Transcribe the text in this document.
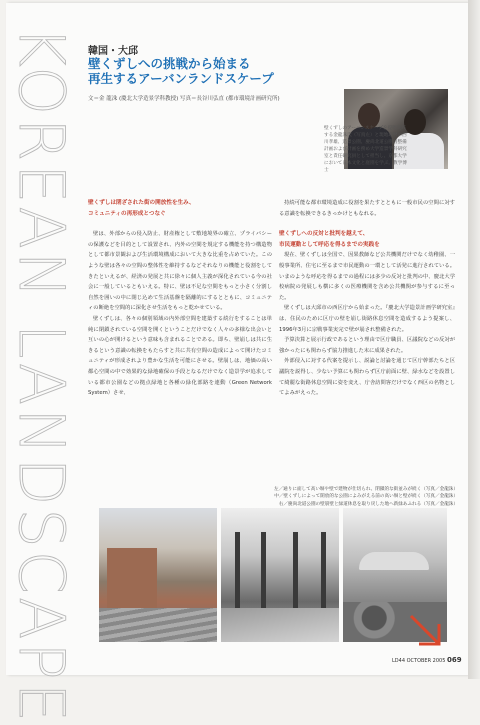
KOREAN LANDSCAPE 韓国・大邱
壁くずしへの挑戦から始まる
再生するアーバンランドスケープ
文＝金 龍洙 (慶北大学造景学科教授) 写真＝長谷川弘直 (都市環境計画研究所)
壁くずしのアーバンスケープを提唱実践する金龍洙氏（写真左）と現地取材の西川孝雄、造景公園、慶尚北道公園再整備計画および計画を務め大学造景学科研究室と責任研究員として担当し、京都大学において日本文化と庭園を学ぶ。教学博士
壁くずしは閉ざされた街の開放性を生み、
コミュニティの再形成とつなぐ
壁は、外部からの侵入防止、財産権として敷地境界の確立、プライバシーの保護などを目的として設置され、内外の空間を規定する機能を持つ構造物として都市景観および生活環境構成において大きな比重を占めていた。このような壁は各々の空間の整体性を維持するなどそれなりの機能と役割をしてきたといえるが、経済の発展と共に徐々に個人主義が深化されている今の社会に一般しているともいえる。特に、壁は不足な空間をもっと小さく分割し自然を囲いの中に閉じ込めて生活基盤を隔離的にするとともに、コミュニティの断絶を空間的に深化させ生活をもっと乾かせている。
壁くずしは、各々の個別領域の内外部空間を建築する続行をすることは単純に閉鎖されている空間を開くということだけでなく人々の多様な出会いと互いの心が開けるという意味も含まれることである。即ち、壁崩しは共に生きるという意識の転換をもたらすと共に共有空間の造成によって開けたコミュニティが形成されより豊かな生活を可能にさせる。壁崩しは、地価の高い都心空間の中で効果的な緑地確保の手段となるだけでなく造景学が追求している都市公園などの拠点緑地と各種の緑化部路を連動（Green Network System）させ、
持続可能な都市環境造成に役割を果たすとともに一般市民の空間に対する意識を転換できるきっかけともなれる。
壁くずしへの反対と批判を越えて、
市民運動として呼応を得るまでの実践を
現在、壁くずしは全国で、因果教師など公共機関だけでなく幼稚園、一般事業所、住宅に至るまで市民運動の一環として活発に進行されている。いまのような呼応を得るまでの過程には多少の反対と批判の中、慶北大学校病院の発展しも横に多くの医療機関を含め公共機関が参与するに至った。
壁くずしは大邱市の西区庁から始まった。『慶北大学造景計画学研究室』は、住民のために区庁の壁を崩し街路休息空間を造成するよう提案し、1996年3月に宗戦事業実完で壁が崩され整備された。
予算決算と展示行政であるという理由で区庁職員、区議院などの反対が強かったにも関わらず協力推進した末に成果された。
外部侵入に対する代案を提示し、説論と討論を通じて区庁幹部たちと区議院を説得し、少ない予算にも関わらず区庁前面に壁、緑水などを設置して綺麗な街路休息空間に姿を変え、庁舎訪問客だけでなく西区の名物としてよみがえった。
左／通りに面して高い塀や壁で建物が仕切られ、閉鎖的な街並みが続く（写真／金龍洙）
中／壁くずしによって開放的な公園によみがえる前の高い塀と壁が続く（写真／金龍洙）
右／慶尚北道公園の壁崩壁と緑道休息を取り戻した地へ新緑あふれる（写真／金龍洙）
LD44 OCTOBER 2005 069
